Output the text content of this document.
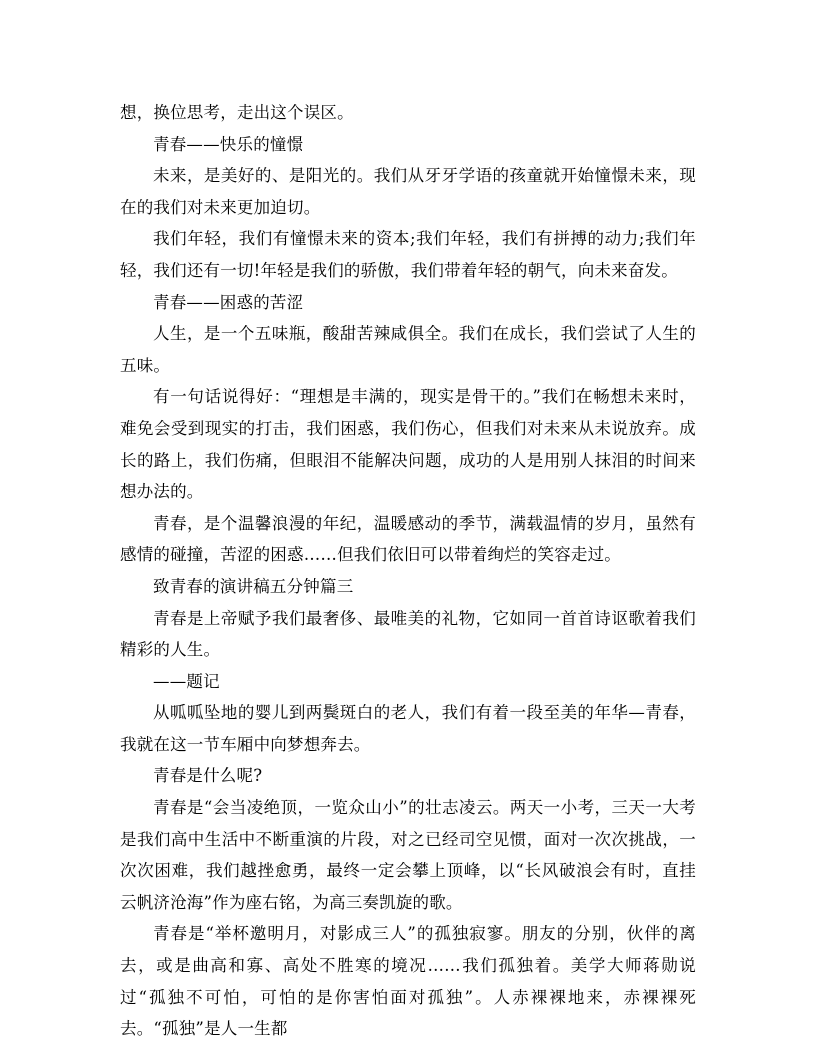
想，换位思考，走出这个误区。

青春——快乐的憧憬

未来，是美好的、是阳光的。我们从牙牙学语的孩童就开始憧憬未来，现在的我们对未来更加迫切。

我们年轻，我们有憧憬未来的资本;我们年轻，我们有拼搏的动力;我们年轻，我们还有一切!年轻是我们的骄傲，我们带着年轻的朝气，向未来奋发。

青春——困惑的苦涩

人生，是一个五味瓶，酸甜苦辣咸俱全。我们在成长，我们尝试了人生的五味。

有一句话说得好：“理想是丰满的，现实是骨干的。”我们在畅想未来时，难免会受到现实的打击，我们困惑，我们伤心，但我们对未来从未说放弃。成长的路上，我们伤痛，但眼泪不能解决问题，成功的人是用别人抹泪的时间来想办法的。

青春，是个温馨浪漫的年纪，温暖感动的季节，满载温情的岁月，虽然有感情的碰撞，苦涩的困惑……但我们依旧可以带着绚烂的笑容走过。

致青春的演讲稿五分钟篇三

青春是上帝赋予我们最奢侈、最唯美的礼物，它如同一首首诗讴歌着我们精彩的人生。

——题记

从呱呱坠地的婴儿到两鬓斑白的老人，我们有着一段至美的年华—青春，我就在这一节车厢中向梦想奔去。

青春是什么呢?

青春是“会当凌绝顶，一览众山小”的壮志凌云。两天一小考，三天一大考是我们高中生活中不断重演的片段，对之已经司空见惯，面对一次次挑战，一次次困难，我们越挫愈勇，最终一定会攀上顶峰，以“长风破浪会有时，直挂云帆济沧海”作为座右铭，为高三奏凯旋的歌。

青春是“举杯邀明月，对影成三人”的孤独寂寥。朋友的分别，伙伴的离去，或是曲高和寡、高处不胜寒的境况……我们孤独着。美学大师蒋勋说过“孤独不可怕，可怕的是你害怕面对孤独”。人赤裸裸地来，赤裸裸死去。“孤独”是人一生都
